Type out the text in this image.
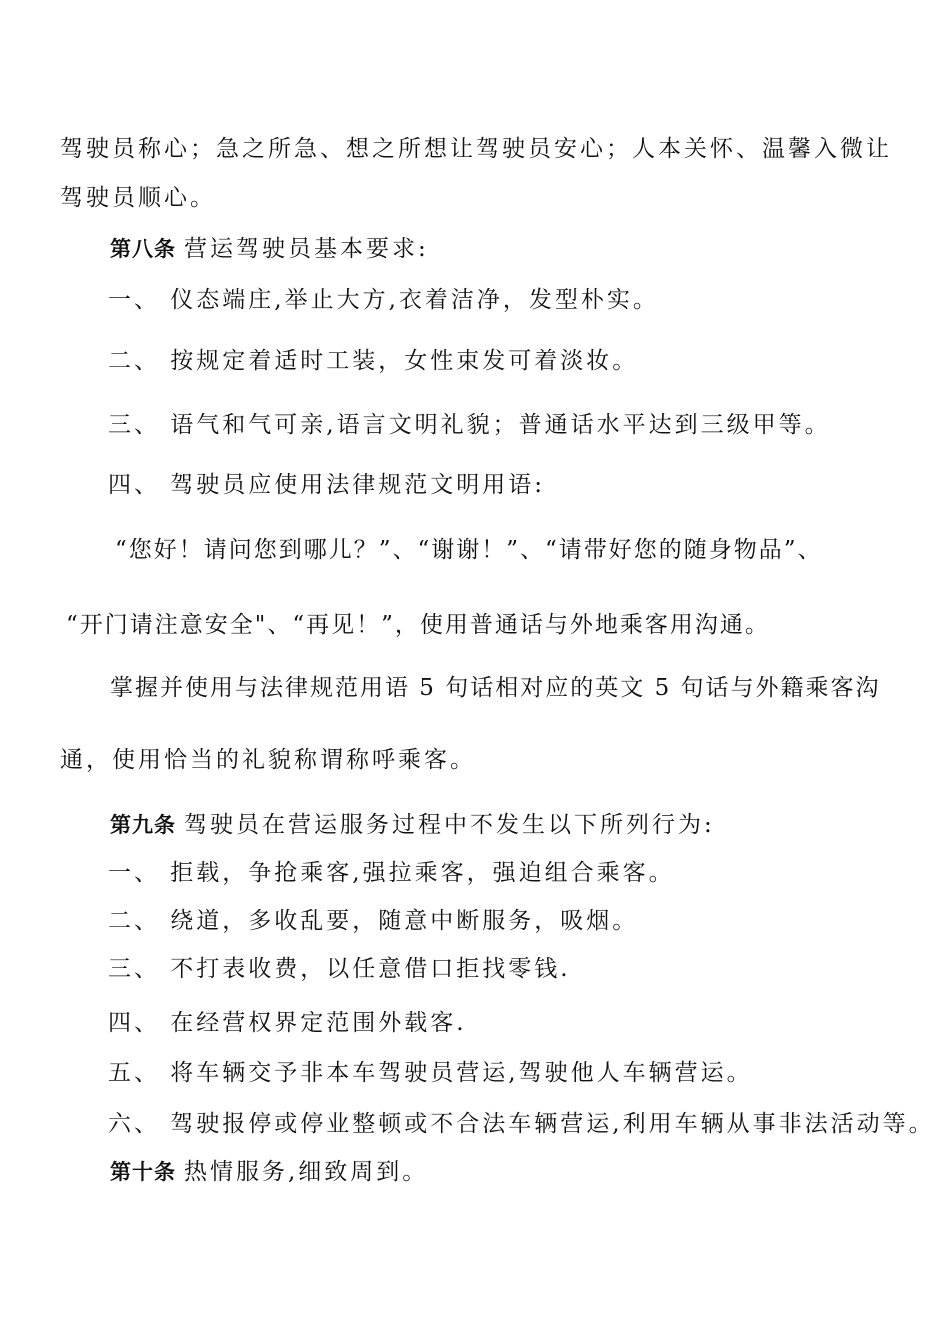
驾驶员称心；急之所急、想之所想让驾驶员安心；人本关怀、温馨入微让
驾驶员顺心。
第八条 营运驾驶员基本要求:
一、 仪态端庄,举止大方,衣着洁净，发型朴实。
二、 按规定着适时工装，女性束发可着淡妆。
三、 语气和气可亲,语言文明礼貌；普通话水平达到三级甲等。
四、 驾驶员应使用法律规范文明用语:
“您好！请问您到哪儿？”、“谢谢！”、“请带好您的随身物品”、
“开门请注意安全"、“再见！”，使用普通话与外地乘客用沟通。
掌握并使用与法律规范用语 5 句话相对应的英文 5 句话与外籍乘客沟
通，使用恰当的礼貌称谓称呼乘客。
第九条 驾驶员在营运服务过程中不发生以下所列行为:
一、 拒载，争抢乘客,强拉乘客，强迫组合乘客。
二、 绕道，多收乱要，随意中断服务，吸烟。
三、 不打表收费，以任意借口拒找零钱.
四、 在经营权界定范围外载客.
五、 将车辆交予非本车驾驶员营运,驾驶他人车辆营运。
六、 驾驶报停或停业整顿或不合法车辆营运,利用车辆从事非法活动等。
第十条 热情服务,细致周到。
